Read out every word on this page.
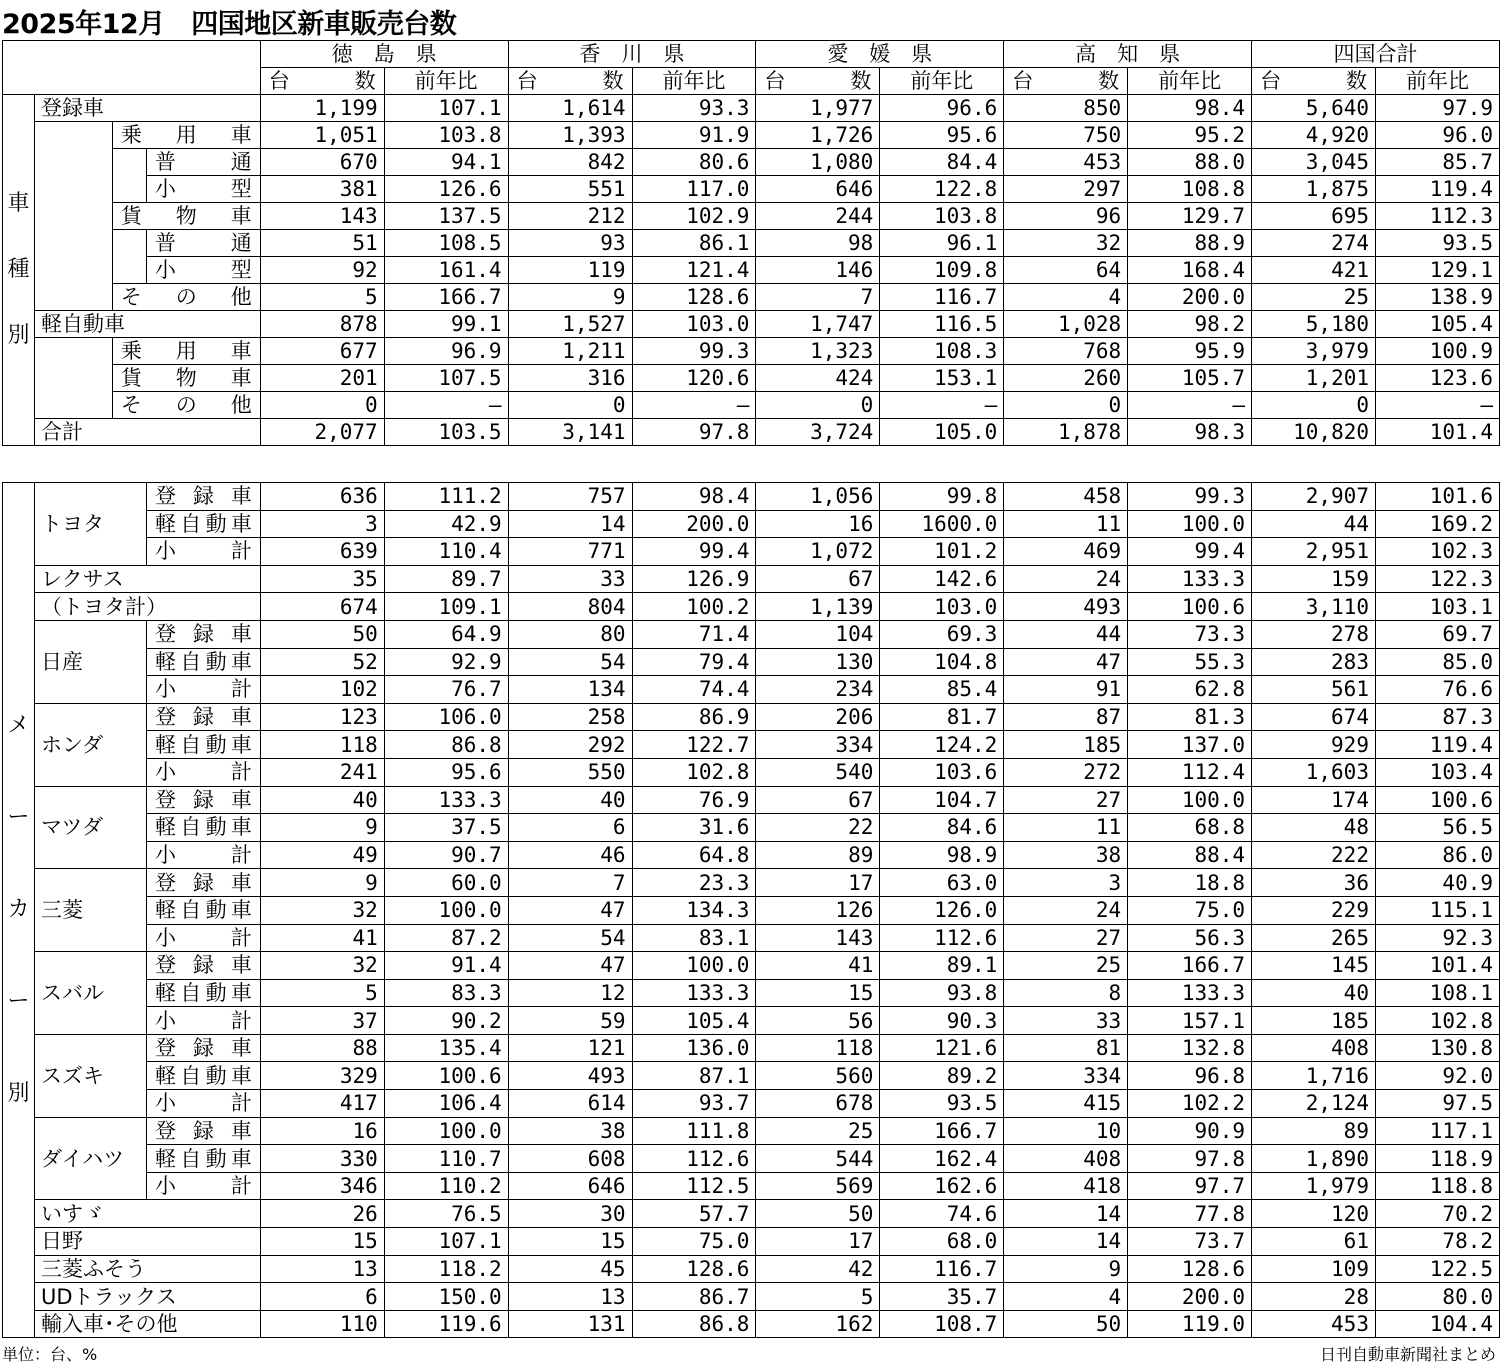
2025年12月　四国地区新車販売台数
				徳　島　県		香　川　県		愛　媛　県		高　知　県		四国合計	
				台　数	前年比	台　数	前年比	台　数	前年比	台　数	前年比	台　数	前年比

車
種
別	登録車			1,199	107.1	1,614	93.3	1,977	96.6	850	98.4	5,640	97.9
		乗用車		1,051	103.8	1,393	91.9	1,726	95.6	750	95.2	4,920	96.0
			普通	670	94.1	842	80.6	1,080	84.4	453	88.0	3,045	85.7
			小型	381	126.6	551	117.0	646	122.8	297	108.8	1,875	119.4
		貨物車		143	137.5	212	102.9	244	103.8	96	129.7	695	112.3
			普通	51	108.5	93	86.1	98	96.1	32	88.9	274	93.5
			小型	92	161.4	119	121.4	146	109.8	64	168.4	421	129.1
		その他		5	166.7	9	128.6	7	116.7	4	200.0	25	138.9
	軽自動車			878	99.1	1,527	103.0	1,747	116.5	1,028	98.2	5,180	105.4
		乗用車		677	96.9	1,211	99.3	1,323	108.3	768	95.9	3,979	100.9
		貨物車		201	107.5	316	120.6	424	153.1	260	105.7	1,201	123.6
		その他		0	—	0	—	0	—	0	—	0	—
	合計			2,077	103.5	3,141	97.8	3,724	105.0	1,878	98.3	10,820	101.4
メ
ー
カ
ー
別	トヨタ	登録車	636	111.2	757	98.4	1,056	99.8	458	99.3	2,907	101.6
		軽自動車	3	42.9	14	200.0	16	1600.0	11	100.0	44	169.2
		小計	639	110.4	771	99.4	1,072	101.2	469	99.4	2,951	102.3
	レクサス		35	89.7	33	126.9	67	142.6	24	133.3	159	122.3
	（トヨタ計）		674	109.1	804	100.2	1,139	103.0	493	100.6	3,110	103.1
	日産	登録車	50	64.9	80	71.4	104	69.3	44	73.3	278	69.7
		軽自動車	52	92.9	54	79.4	130	104.8	47	55.3	283	85.0
		小計	102	76.7	134	74.4	234	85.4	91	62.8	561	76.6
	ホンダ	登録車	123	106.0	258	86.9	206	81.7	87	81.3	674	87.3
		軽自動車	118	86.8	292	122.7	334	124.2	185	137.0	929	119.4
		小計	241	95.6	550	102.8	540	103.6	272	112.4	1,603	103.4
	マツダ	登録車	40	133.3	40	76.9	67	104.7	27	100.0	174	100.6
		軽自動車	9	37.5	6	31.6	22	84.6	11	68.8	48	56.5
		小計	49	90.7	46	64.8	89	98.9	38	88.4	222	86.0
	三菱	登録車	9	60.0	7	23.3	17	63.0	3	18.8	36	40.9
		軽自動車	32	100.0	47	134.3	126	126.0	24	75.0	229	115.1
		小計	41	87.2	54	83.1	143	112.6	27	56.3	265	92.3
	スバル	登録車	32	91.4	47	100.0	41	89.1	25	166.7	145	101.4
		軽自動車	5	83.3	12	133.3	15	93.8	8	133.3	40	108.1
		小計	37	90.2	59	105.4	56	90.3	33	157.1	185	102.8
	スズキ	登録車	88	135.4	121	136.0	118	121.6	81	132.8	408	130.8
		軽自動車	329	100.6	493	87.1	560	89.2	334	96.8	1,716	92.0
		小計	417	106.4	614	93.7	678	93.5	415	102.2	2,124	97.5
	ダイハツ	登録車	16	100.0	38	111.8	25	166.7	10	90.9	89	117.1
		軽自動車	330	110.7	608	112.6	544	162.4	408	97.8	1,890	118.9
		小計	346	110.2	646	112.5	569	162.6	418	97.7	1,979	118.8
	いすゞ		26	76.5	30	57.7	50	74.6	14	77.8	120	70.2
	日野		15	107.1	15	75.0	17	68.0	14	73.7	61	78.2
	三菱ふそう		13	118.2	45	128.6	42	116.7	9	128.6	109	122.5
	UDトラックス		6	150.0	13	86.7	5	35.7	4	200.0	28	80.0
	輸入車･その他		110	119.6	131	86.8	162	108.7	50	119.0	453	104.4
単位：台、%	日刊自動車新聞社まとめ
